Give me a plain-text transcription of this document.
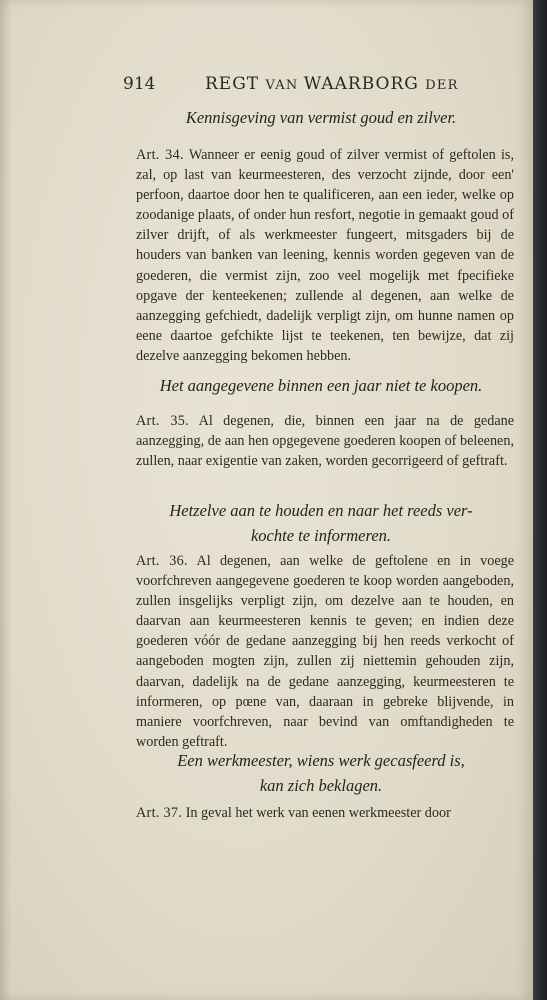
914	REGT VAN WAARBORG DER
Kennisgeving van vermist goud en zilver.

Art. 34. Wanneer er eenig goud of zilver vermist of geftolen is, zal, op last van keurmeesteren, des verzocht zijnde, door een' perfoon, daartoe door hen te qualificeren, aan een ieder, welke op zoodanige plaats, of onder hun resfort, negotie in gemaakt goud of zilver drijft, of als werkmeester fungeert, mitsgaders bij de houders van banken van leening, kennis worden gegeven van de goederen, die vermist zijn, zoo veel mogelijk met fpecifieke opgave der kenteekenen; zullende al degenen, aan welke de aanzegging gefchiedt, dadelijk verpligt zijn, om hunne namen op eene daartoe gefchikte lijst te teekenen, ten bewijze, dat zij dezelve aanzegging bekomen hebben.

Het aangegevene binnen een jaar niet te koopen.

Art. 35. Al degenen, die, binnen een jaar na de gedane aanzegging, de aan hen opgegevene goederen koopen of beleenen, zullen, naar exigentie van zaken, worden gecorrigeerd of geftraft.

Hetzelve aan te houden en naar het reeds ver-
kochte te informeren.

Art. 36. Al degenen, aan welke de geftolene en in voege voorfchreven aangegevene goederen te koop worden aangeboden, zullen insgelijks verpligt zijn, om dezelve aan te houden, en daarvan aan keurmeesteren kennis te geven; en indien deze goederen vóór de gedane aanzegging bij hen reeds verkocht of aangeboden mogten zijn, zullen zij niettemin gehouden zijn, daarvan, dadelijk na de gedane aanzegging, keurmeesteren te informeren, op pœne van, daaraan in gebreke blijvende, in maniere voorfchreven, naar bevind van omftandigheden te worden geftraft.

Een werkmeester, wiens werk gecasfeerd is,
kan zich beklagen.

Art. 37. In geval het werk van eenen werkmeester door
